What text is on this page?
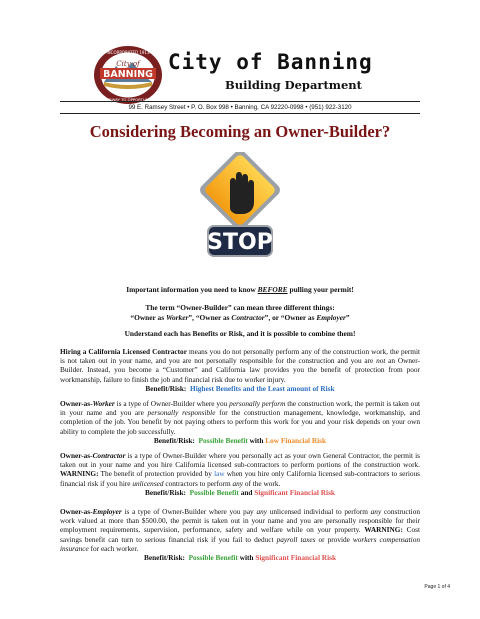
City of
BANNING
INCORPORATED 1913
GATEWAY TO OPPORTUNITY
City of Banning
Building Department
99 E. Ramsey Street • P. O. Box 998 • Banning, CA 92220-0998 • (951) 922-3120
Considering Becoming an Owner-Builder?
STOP
Important information you need to know BEFORE pulling your permit!
The term “Owner-Builder” can mean three different things:
“Owner as Worker”, “Owner as Contractor”, or “Owner as Employer”
Understand each has Benefits or Risk, and it is possible to combine them!
Hiring a California Licensed Contractor means you do not personally perform any of the construction work, the permit is not taken out in your name, and you are not personally responsible for the construction and you are not an Owner-Builder. Instead, you become a “Customer” and California law provides you the benefit of protection from poor workmanship, failure to finish the job and financial risk due to worker injury.
Benefit/Risk: Highest Benefits and the Least amount of Risk
Owner-as-Worker is a type of Owner-Builder where you personally perform the construction work, the permit is taken out in your name and you are personally responsible for the construction management, knowledge, workmanship, and completion of the job. You benefit by not paying others to perform this work for you and your risk depends on your own ability to complete the job successfully.
Benefit/Risk: Possible Benefit with Low Financial Risk
Owner-as-Contractor is a type of Owner-Builder where you personally act as your own General Contractor, the permit is taken out in your name and you hire California licensed sub-contractors to perform portions of the construction work. WARNING: The benefit of protection provided by law when you hire only California licensed sub-contractors to serious financial risk if you hire unlicensed contractors to perform any of the work.
Benefit/Risk: Possible Benefit and Significant Financial Risk
Owner-as-Employer is a type of Owner-Builder where you pay any unlicensed individual to perform any construction work valued at more than $500.00, the permit is taken out in your name and you are personally responsible for their employment requirements, supervision, performance, safety and welfare while on your property. WARNING: Cost savings benefit can turn to serious financial risk if you fail to deduct payroll taxes or provide workers compensation insurance for each worker.
Benefit/Risk: Possible Benefit with Significant Financial Risk
Page 1 of 4
